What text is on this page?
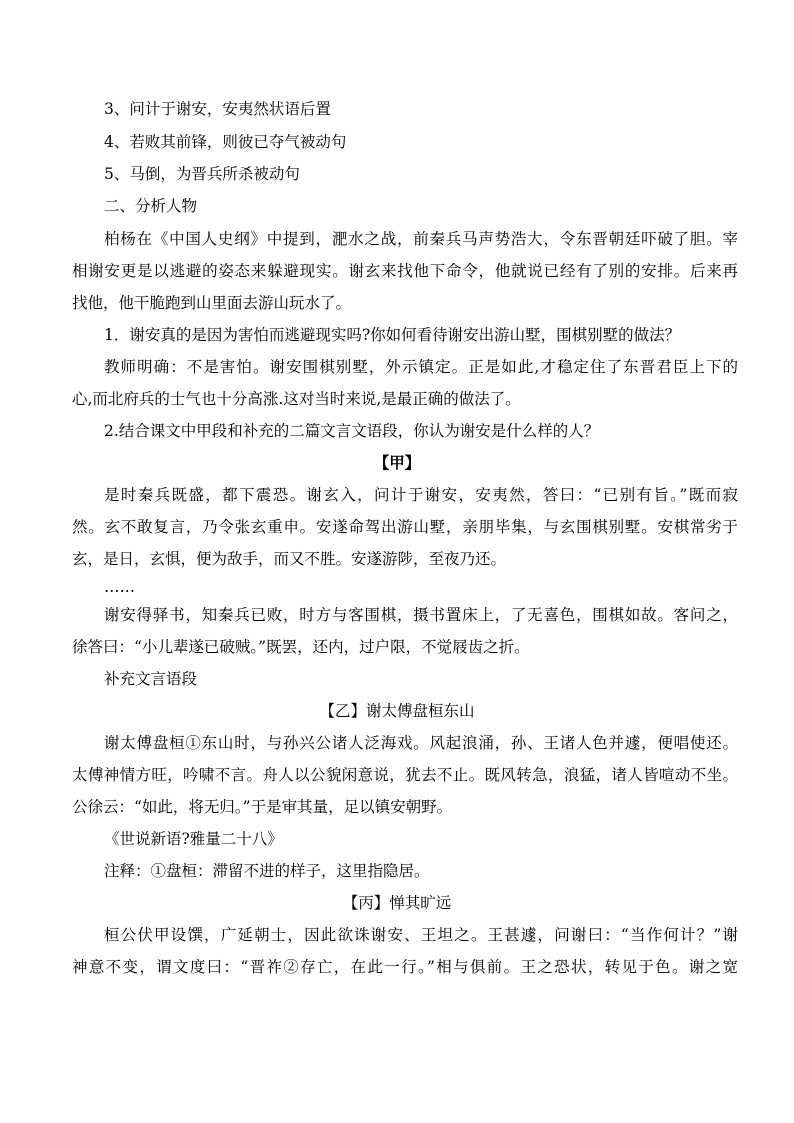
3、问计于谢安，安夷然状语后置
4、若败其前锋，则彼已夺气被动句
5、马倒，为晋兵所杀被动句
二、分析人物
柏杨在《中国人史纲》中提到，淝水之战，前秦兵马声势浩大，令东晋朝廷吓破了胆。宰
相谢安更是以逃避的姿态来躲避现实。谢玄来找他下命令，他就说已经有了别的安排。后来再
找他，他干脆跑到山里面去游山玩水了。
1．谢安真的是因为害怕而逃避现实吗?你如何看待谢安出游山墅，围棋别墅的做法？
教师明确：不是害怕。谢安围棋别墅，外示镇定。正是如此,才稳定住了东晋君臣上下的
心,而北府兵的士气也十分高涨.这对当时来说,是最正确的做法了。
2.结合课文中甲段和补充的二篇文言文语段，你认为谢安是什么样的人？
【甲】
是时秦兵既盛，都下震恐。谢玄入，问计于谢安，安夷然，答曰：“已别有旨。”既而寂
然。玄不敢复言，乃令张玄重申。安遂命驾出游山墅，亲朋毕集，与玄围棋别墅。安棋常劣于
玄，是日，玄惧，便为敌手，而又不胜。安遂游陟，至夜乃还。
……
谢安得驿书，知秦兵已败，时方与客围棋，摄书置床上，了无喜色，围棋如故。客问之，
徐答曰：“小儿辈遂已破贼。”既罢，还内，过户限，不觉屐齿之折。
补充文言语段
【乙】谢太傅盘桓东山
谢太傅盘桓①东山时，与孙兴公诸人泛海戏。风起浪涌，孙、王诸人色并遽，便唱使还。
太傅神情方旺，吟啸不言。舟人以公貌闲意说，犹去不止。既风转急，浪猛，诸人皆喧动不坐。
公徐云：“如此，将无归。”于是审其量，足以镇安朝野。
《世说新语?雅量二十八》
注释：①盘桓：滞留不进的样子，这里指隐居。
【丙】惮其旷远
桓公伏甲设馔，广延朝士，因此欲诛谢安、王坦之。王甚遽，问谢曰：“当作何计？”谢
神意不变，谓文度曰：“晋祚②存亡，在此一行。”相与俱前。王之恐状，转见于色。谢之宽
